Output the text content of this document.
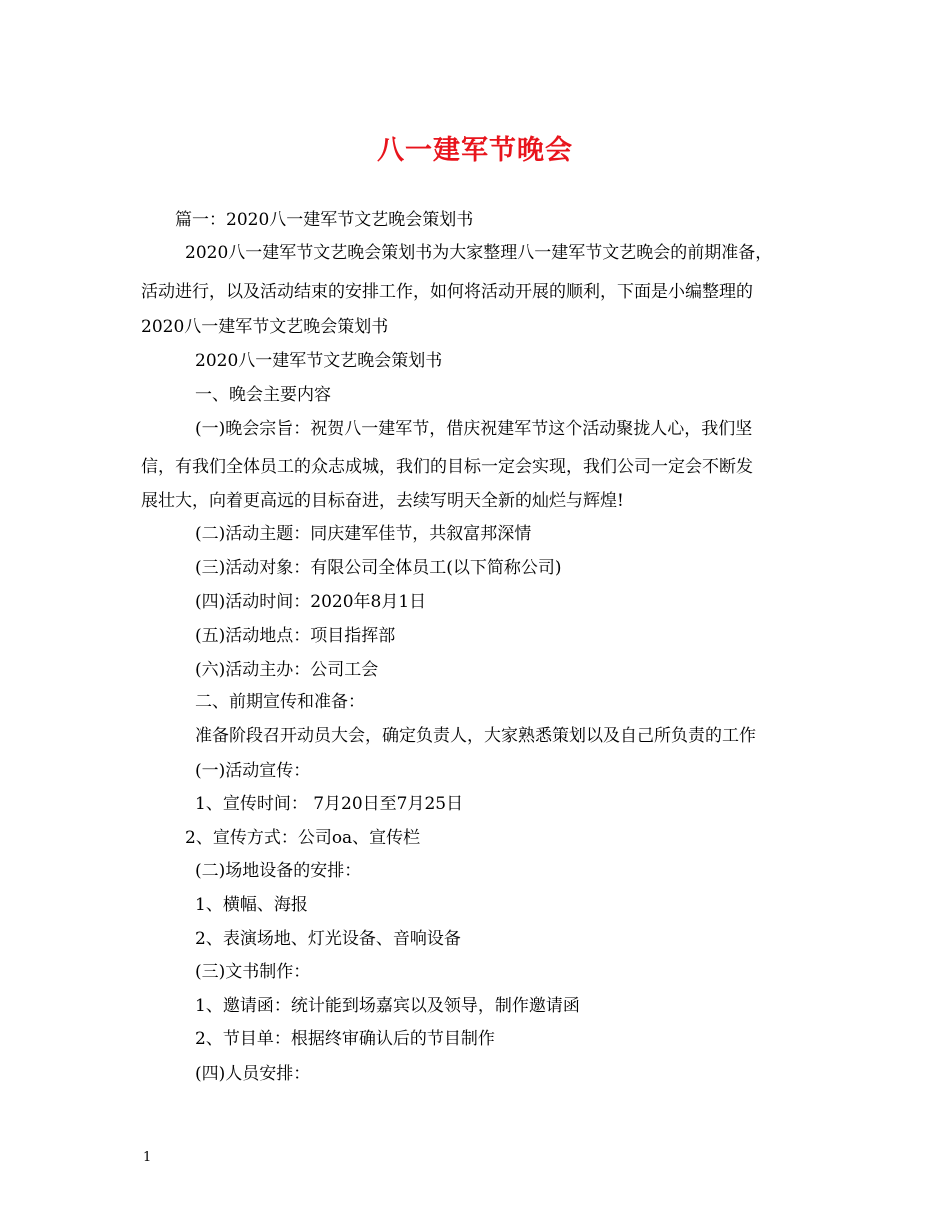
八一建军节晚会
篇一：2020八一建军节文艺晚会策划书
2020八一建军节文艺晚会策划书为大家整理八一建军节文艺晚会的前期准备，
活动进行，以及活动结束的安排工作，如何将活动开展的顺利，下面是小编整理的
2020八一建军节文艺晚会策划书
2020八一建军节文艺晚会策划书
一、晚会主要内容
(一)晚会宗旨：祝贺八一建军节，借庆祝建军节这个活动聚拢人心，我们坚
信，有我们全体员工的众志成城，我们的目标一定会实现，我们公司一定会不断发
展壮大，向着更高远的目标奋进，去续写明天全新的灿烂与辉煌!
(二)活动主题：同庆建军佳节，共叙富邦深情
(三)活动对象：有限公司全体员工(以下简称公司)
(四)活动时间：2020年8月1日
(五)活动地点：项目指挥部
(六)活动主办：公司工会
二、前期宣传和准备：
准备阶段召开动员大会，确定负责人，大家熟悉策划以及自己所负责的工作
(一)活动宣传：
1、宣传时间： 7月20日至7月25日
2、宣传方式：公司oa、宣传栏
(二)场地设备的安排：
1、横幅、海报
2、表演场地、灯光设备、音响设备
(三)文书制作：
1、邀请函：统计能到场嘉宾以及领导，制作邀请函
2、节目单：根据终审确认后的节目制作
(四)人员安排：
1
